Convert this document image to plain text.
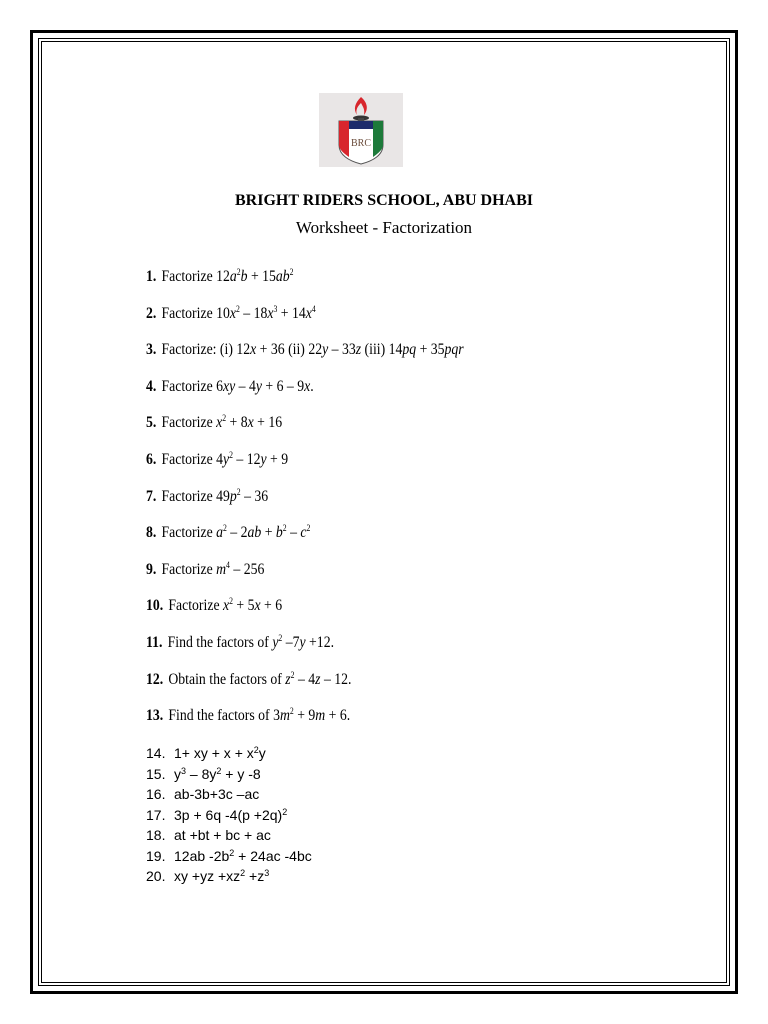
BRC
BRIGHT RIDERS SCHOOL, ABU DHABI
Worksheet - Factorization
1. Factorize $12a^2b + 15ab^2$
2. Factorize $10x^2 - 18x^3 + 14x^4$
3. Factorize: (i) 12x + 36 (ii) 22y – 33z (iii) 14pq + 35pqr
4. Factorize 6xy – 4y + 6 – 9x.
5. Factorize $x^2 + 8x + 16$
6. Factorize $4y^2 - 12y + 9$
7. Factorize $49p^2 - 36$
8. Factorize $a^2 - 2ab + b^2 - c^2$
9. Factorize $m^4 - 256$
10. Factorize $x^2 + 5x + 6$
11. Find the factors of $y^2$ –7y +12.
12. Obtain the factors of $z^2 - 4z - 12$.
13. Find the factors of $3m^2 + 9m + 6$.
14. 1+ xy + $x + x^2y$
15. $y^3 - 8y^2 + y$ -8
16. ab-3b+3c –ac
17. 3p + 6q $-4(p +2q)^2$
18. at +bt + bc + ac
19. 12ab $-2b^2 + 24ac$ -4bc
20. xy $+yz +xz^2 +z^3$
